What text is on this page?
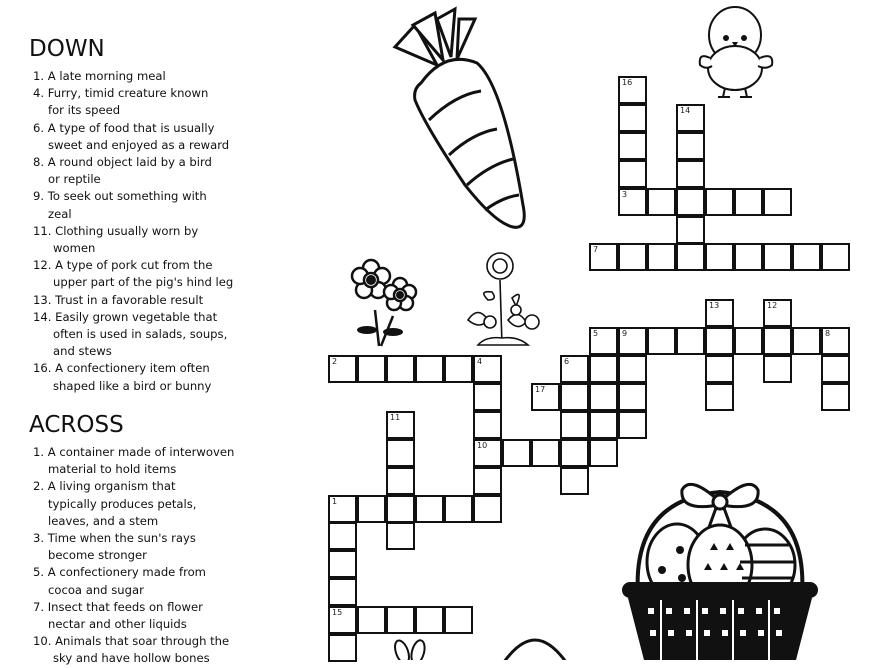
DOWN
1. A late morning meal
4. Furry, timid creature known
for its speed
6. A type of food that is usually
sweet and enjoyed as a reward
8. A round object laid by a bird
or reptile
9. To seek out something with
zeal
11. Clothing usually worn by
women
12. A type of pork cut from the
upper part of the pig's hind leg
13. Trust in a favorable result
14. Easily grown vegetable that
often is used in salads, soups,
and stews
16. A confectionery item often
shaped like a bird or bunny
ACROSS
1. A container made of interwoven
material to hold items
2. A living organism that
typically produces petals,
leaves, and a stem
3. Time when the sun's rays
become stronger
5. A confectionery made from
cocoa and sugar
7. Insect that feeds on flower
nectar and other liquids
10. Animals that soar through the
sky and have hollow bones
16
3
14
7
13	12
5	9	8
2	4
10
6
17
11
1
15
